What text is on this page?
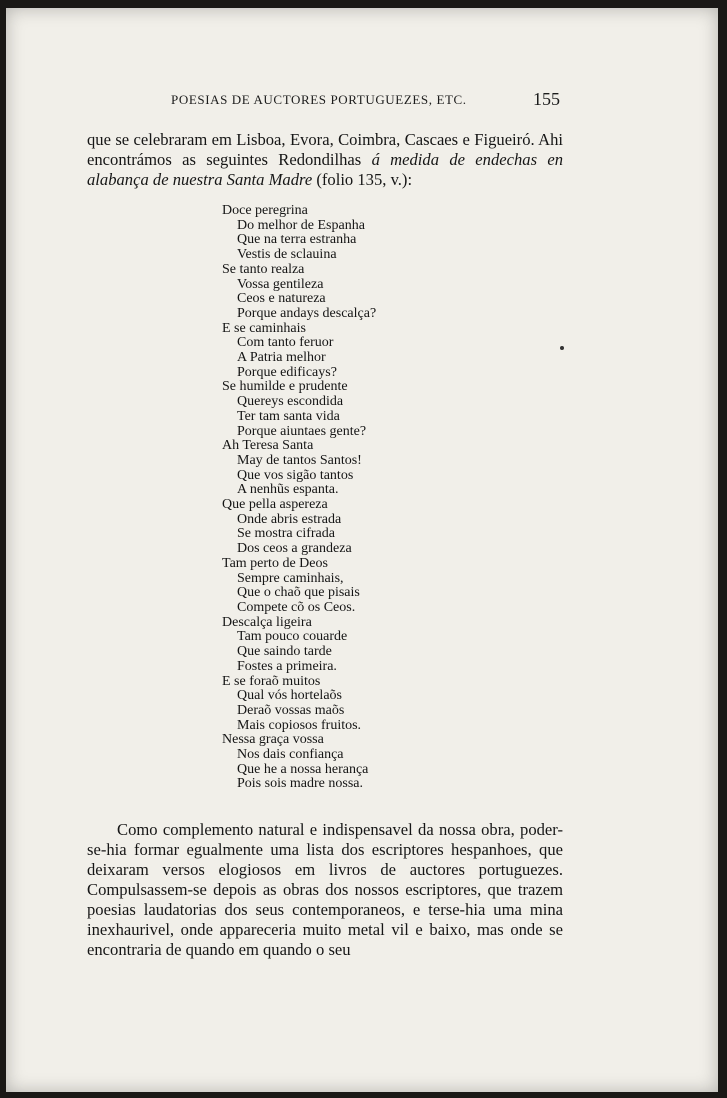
POESIAS DE AUCTORES PORTUGUEZES, ETC.	155
que se celebraram em Lisboa, Evora, Coimbra, Cascaes e Figueiró. Ahi encontrámos as seguintes Redondilhas á medida de endechas en alabança de nuestra Santa Madre (folio 135, v.):
Doce peregrina
Do melhor de Espanha
Que na terra estranha
Vestis de sclauina
Se tanto realza
Vossa gentileza
Ceos e natureza
Porque andays descalça?
E se caminhais
Com tanto feruor
A Patria melhor
Porque edificays?
Se humilde e prudente
Quereys escondida
Ter tam santa vida
Porque aiuntaes gente?
Ah Teresa Santa
May de tantos Santos!
Que vos sigão tantos
A nenhũs espanta.
Que pella aspereza
Onde abris estrada
Se mostra cifrada
Dos ceos a grandeza
Tam perto de Deos
Sempre caminhais,
Que o chaõ que pisais
Compete cõ os Ceos.
Descalça ligeira
Tam pouco couarde
Que saindo tarde
Fostes a primeira.
E se foraõ muitos
Qual vós hortelaõs
Deraõ vossas maõs
Mais copiosos fruitos.
Nessa graça vossa
Nos dais confiança
Que he a nossa herança
Pois sois madre nossa.
Como complemento natural e indispensavel da nossa obra, poder-se-hia formar egualmente uma lista dos escriptores hespanhoes, que deixaram versos elogiosos em livros de auctores portuguezes. Compulsassem-se depois as obras dos nossos escriptores, que trazem poesias laudatorias dos seus contemporaneos, e terse-hia uma mina inexhaurivel, onde appareceria muito metal vil e baixo, mas onde se encontraria de quando em quando o seu
